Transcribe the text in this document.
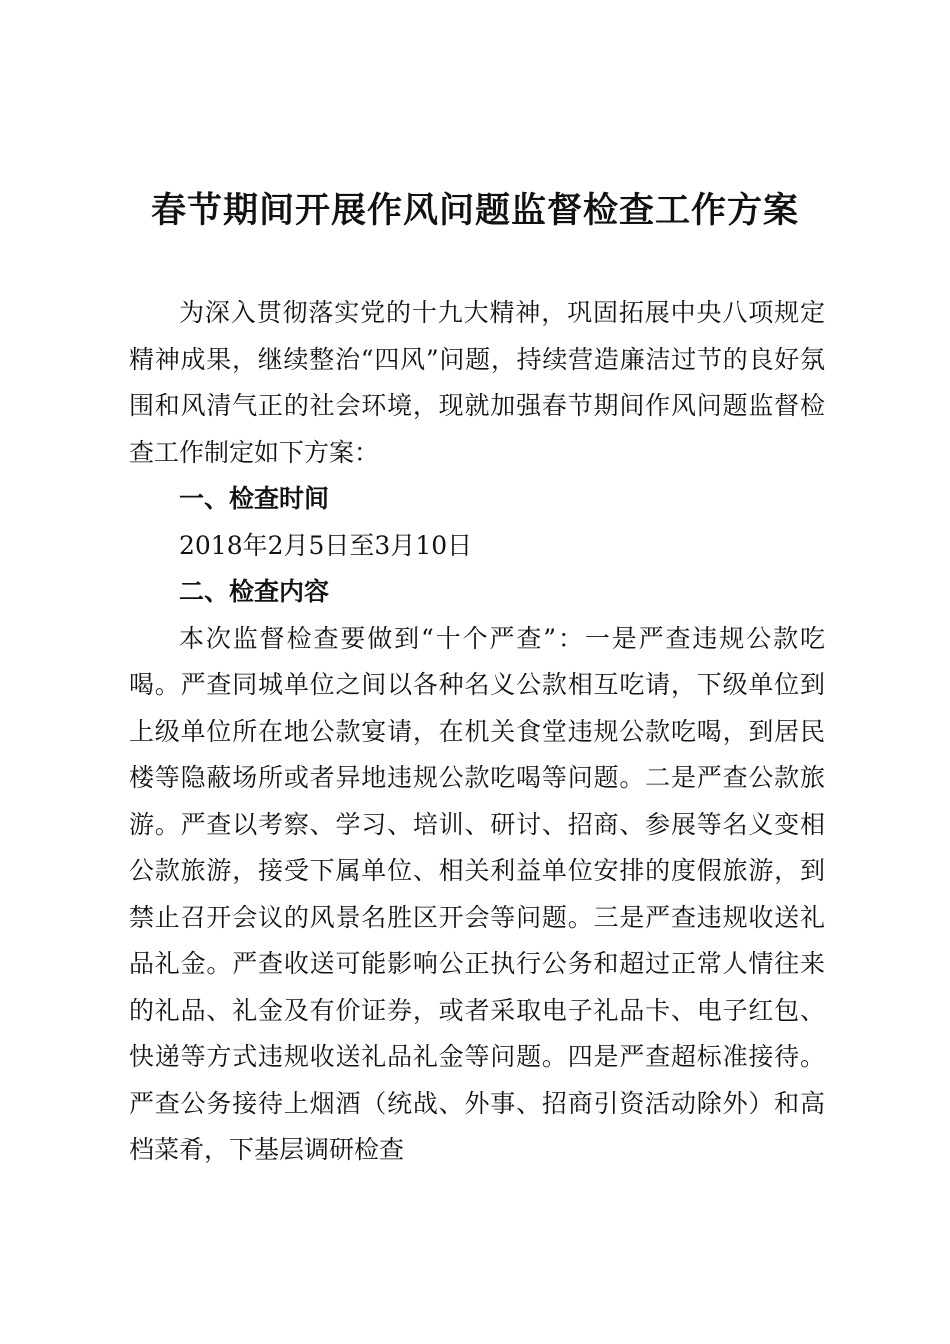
春节期间开展作风问题监督检查工作方案

为深入贯彻落实党的十九大精神，巩固拓展中央八项规定精神成果，继续整治“四风”问题，持续营造廉洁过节的良好氛围和风清气正的社会环境，现就加强春节期间作风问题监督检查工作制定如下方案：

一、检查时间

2018年2月5日至3月10日

二、检查内容

本次监督检查要做到“十个严查”：一是严查违规公款吃喝。严查同城单位之间以各种名义公款相互吃请，下级单位到上级单位所在地公款宴请，在机关食堂违规公款吃喝，到居民楼等隐蔽场所或者异地违规公款吃喝等问题。二是严查公款旅游。严查以考察、学习、培训、研讨、招商、参展等名义变相公款旅游，接受下属单位、相关利益单位安排的度假旅游，到禁止召开会议的风景名胜区开会等问题。三是严查违规收送礼品礼金。严查收送可能影响公正执行公务和超过正常人情往来的礼品、礼金及有价证券，或者采取电子礼品卡、电子红包、快递等方式违规收送礼品礼金等问题。四是严查超标准接待。严查公务接待上烟酒（统战、外事、招商引资活动除外）和高档菜肴，下基层调研检查
